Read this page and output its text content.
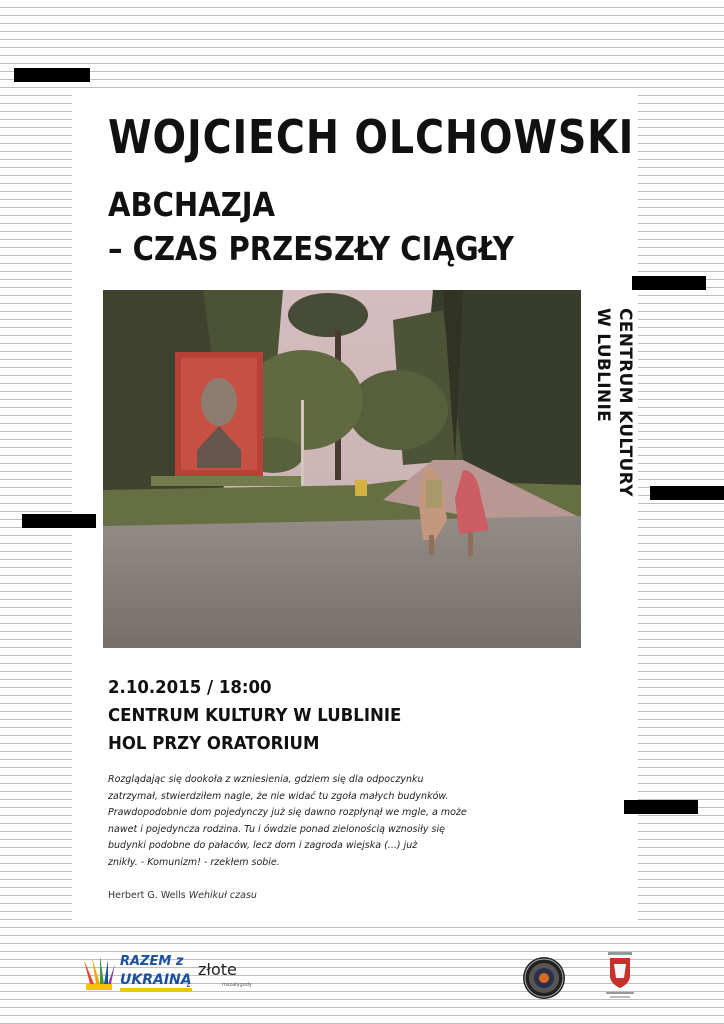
WOJCIECH OLCHOWSKI
ABCHAZJA
– CZAS PRZESZŁY CIĄGŁY
CENTRUM KULTURY
W LUBLINIE
2.10.2015 / 18:00
CENTRUM KULTURY W LUBLINIE
HOL PRZY ORATORIUM
Rozglądając się dookoła z wzniesienia, gdziem się dla odpoczynku
zatrzymał, stwierdziłem nagle, że nie widać tu zgoła małych budynków.
Prawdopodobnie dom pojedynczy już się dawno rozpłynął we mgle, a może
nawet i pojedyncza rodzina. Tu i ówdzie ponad zielonością wznosiły się
budynki podobne do pałaców, lecz dom i zagroda wiejska (...) już
znikły. - Komunizm! - rzekłem sobie.
Herbert G. Wells Wehikuł czasu
RAZEM z
UKRAINĄ
złote
mszałygody
